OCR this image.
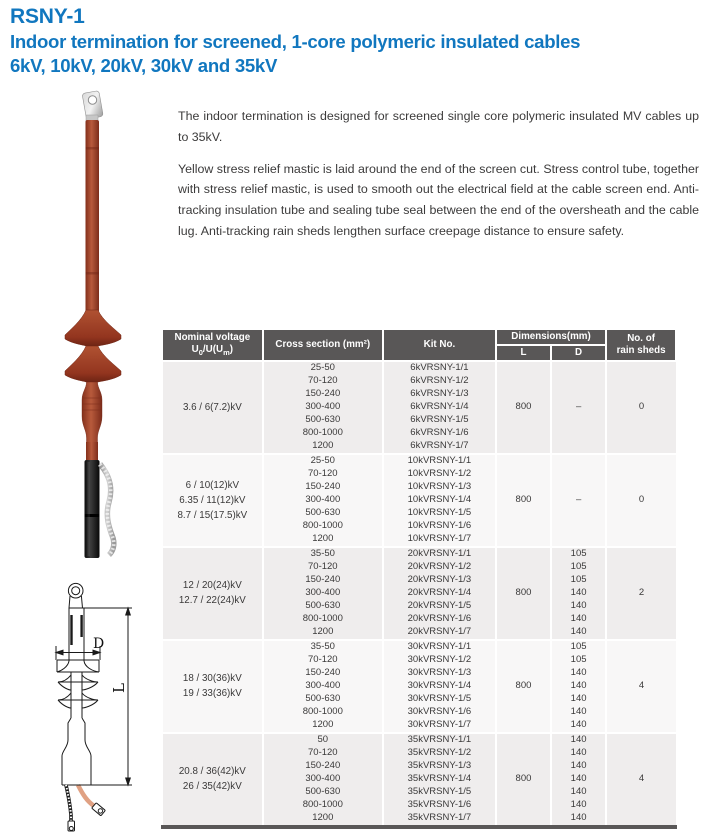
RSNY-1
Indoor termination for screened, 1-core polymeric insulated cables
6kV, 10kV, 20kV, 30kV and 35kV

The indoor termination is designed for screened single core polymeric insulated MV cables up to 35kV.

Yellow stress relief mastic is laid around the end of the screen cut. Stress control tube, together with stress relief mastic, is used to smooth out the electrical field at the cable screen end. Anti-tracking insulation tube and sealing tube seal between the end of the oversheath and the cable lug. Anti-tracking rain sheds lengthen surface creepage distance to ensure safety.

D
L
Nominal voltage
$U_0/U(U_m)$	Cross section (mm²)	Kit No.	Dimensions(mm)		No. of
rain sheds

			L	D	

3.6 / 6(7.2)kV	25-50	6kVRSNY-1/1	800	–	0
	70-120	6kVRSNY-1/2			
	150-240	6kVRSNY-1/3			
	300-400	6kVRSNY-1/4			
	500-630	6kVRSNY-1/5			
	800-1000	6kVRSNY-1/6			
	1200	6kVRSNY-1/7			

6 / 10(12)kV
6.35 / 11(12)kV
8.7 / 15(17.5)kV	25-50	10kVRSNY-1/1	800	–	0
	70-120	10kVRSNY-1/2			
	150-240	10kVRSNY-1/3			
	300-400	10kVRSNY-1/4			
	500-630	10kVRSNY-1/5			
	800-1000	10kVRSNY-1/6			
	1200	10kVRSNY-1/7			

12 / 20(24)kV
12.7 / 22(24)kV	35-50	20kVRSNY-1/1	800	105	2
	70-120	20kVRSNY-1/2		105	
	150-240	20kVRSNY-1/3		105	
	300-400	20kVRSNY-1/4		140	
	500-630	20kVRSNY-1/5		140	
	800-1000	20kVRSNY-1/6		140	
	1200	20kVRSNY-1/7		140	

18 / 30(36)kV
19 / 33(36)kV	35-50	30kVRSNY-1/1	800	105	4
	70-120	30kVRSNY-1/2		105	
	150-240	30kVRSNY-1/3		140	
	300-400	30kVRSNY-1/4		140	
	500-630	30kVRSNY-1/5		140	
	800-1000	30kVRSNY-1/6		140	
	1200	30kVRSNY-1/7		140	

20.8 / 36(42)kV
26 / 35(42)kV	50	35kVRSNY-1/1	800	140	4
	70-120	35kVRSNY-1/2		140	
	150-240	35kVRSNY-1/3		140	
	300-400	35kVRSNY-1/4		140	
	500-630	35kVRSNY-1/5		140	
	800-1000	35kVRSNY-1/6		140	
	1200	35kVRSNY-1/7		140	
